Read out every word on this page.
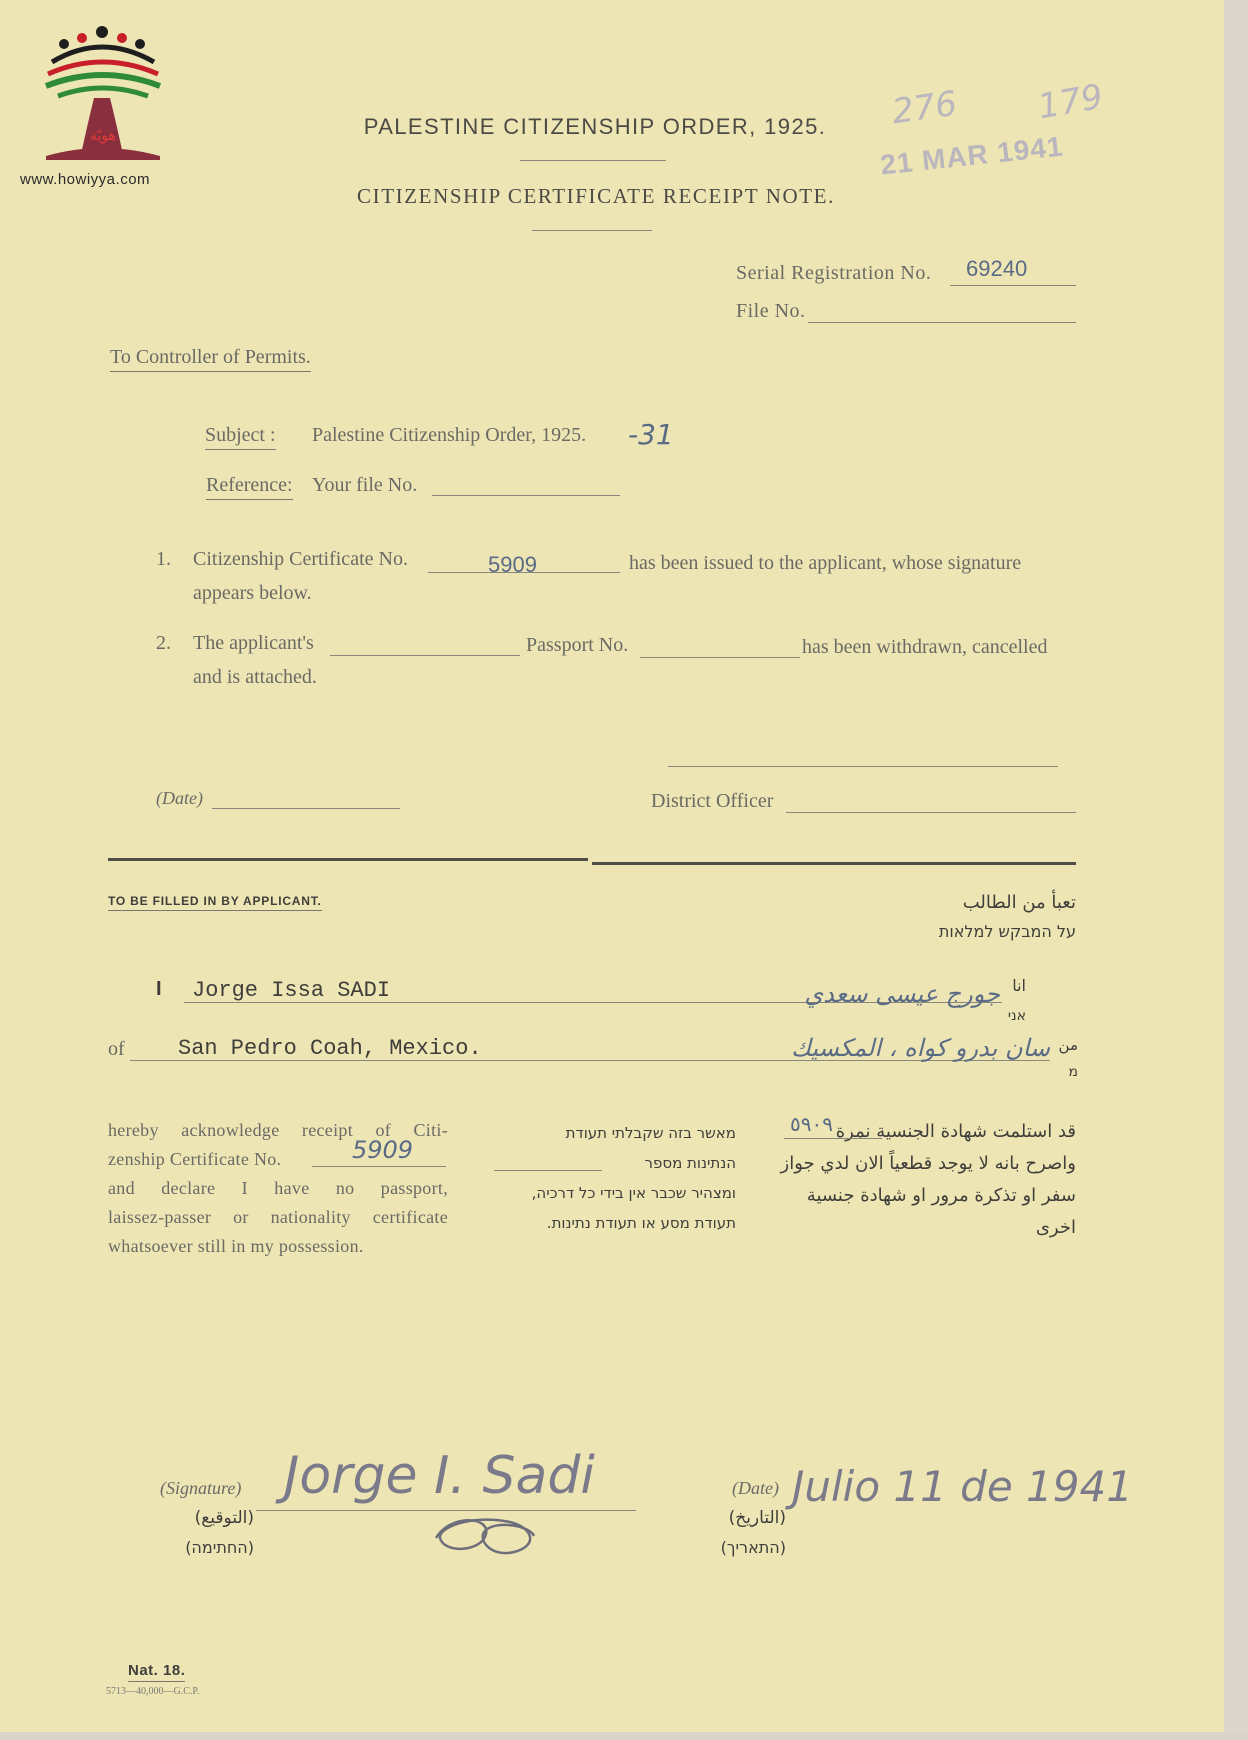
هويّة
www.howiyya.com
PALESTINE CITIZENSHIP ORDER, 1925.
CITIZENSHIP CERTIFICATE RECEIPT NOTE.
276
21 MAR 1941
179
Serial Registration No. 69240
File No.
To Controller of Permits.
Subject : Palestine Citizenship Order, 1925. -31
Reference: Your file No.
1. Citizenship Certificate No.	5909	has been issued to the applicant, whose signature
appears below.
2. The applicant's	Passport No.	has been withdrawn, cancelled
and is attached.
(Date)	District Officer
TO BE FILLED IN BY APPLICANT.	تعبأ من الطالب
על המבקש למלאות
I Jorge Issa SADI	جورج عيسى سعدي انا
אני
of San Pedro Coah, Mexico.	سان بدرو كواه ، المكسيك من
מ
hereby acknowledge receipt of Citi-
zenship Certificate No.
and declare I have no passport,
laissez-passer or nationality certificate
whatsoever still in my possession.
5909
מאשר בזה שקבלתי תעודת
הנתינות מספר
ומצהיר שכבר אין בידי כל דרכיה,
תעודת מסע או תעודת נתינות.
قد استلمت شهادة الجنسية نمرة
واصرح بانه لا يوجد قطعياً الان لدي جواز
سفر او تذكرة مرور او شهادة جنسية اخرى
٥٩٠٩
(Signature)
(التوقيع)
(החתימה)
Jorge I. Sadi	(Date)
(التاريخ)
(התאריך)
Julio 11 de 1941
Nat. 18.
5713—40,000—G.C.P.
